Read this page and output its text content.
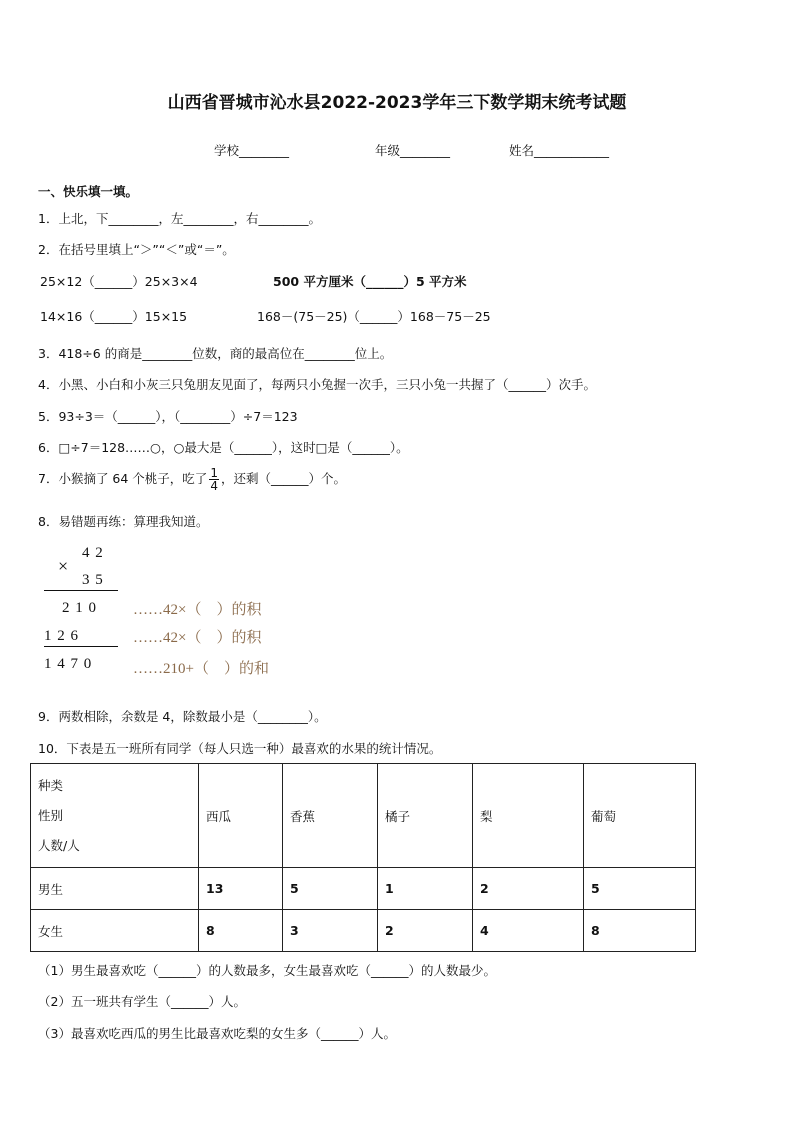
山西省晋城市沁水县2022-2023学年三下数学期末统考试题
学校________	年级________	姓名____________
一、快乐填一填。
1．上北，下________，左________，右________。
2．在括号里填上“＞”“＜”或“＝”。
25×12（______）25×3×4	500 平方厘米（______）5 平方米
14×16（______）15×15	168－(75－25)（______）168－75－25
3．418÷6 的商是________位数，商的最高位在________位上。
4．小黑、小白和小灰三只兔朋友见面了，每两只小兔握一次手，三只小兔一共握了（______）次手。
5．93÷3＝（______），（________）÷7＝123
6．□÷7＝128……○，○最大是（______），这时□是（______）。
7．小猴摘了 64 个桃子，吃了 $\frac{1}{4}$ ，还剩（______）个。
8．易错题再练：算理我知道。
×
4 2
3 5
2 1 0
1 2 6
1 4 7 0
……42×（　）的积
……42×（　）的积
……210+（　）的和
9．两数相除，余数是 4，除数最小是（________）。
10．下表是五一班所有同学（每人只选一种）最喜欢的水果的统计情况。
种类
性别
人数/人	西瓜	香蕉	橘子	梨	葡萄
男生	13	5	1	2	5
女生	8	3	2	4	8
（1）男生最喜欢吃（______）的人数最多，女生最喜欢吃（______）的人数最少。
（2）五一班共有学生（______）人。
（3）最喜欢吃西瓜的男生比最喜欢吃梨的女生多（______）人。
